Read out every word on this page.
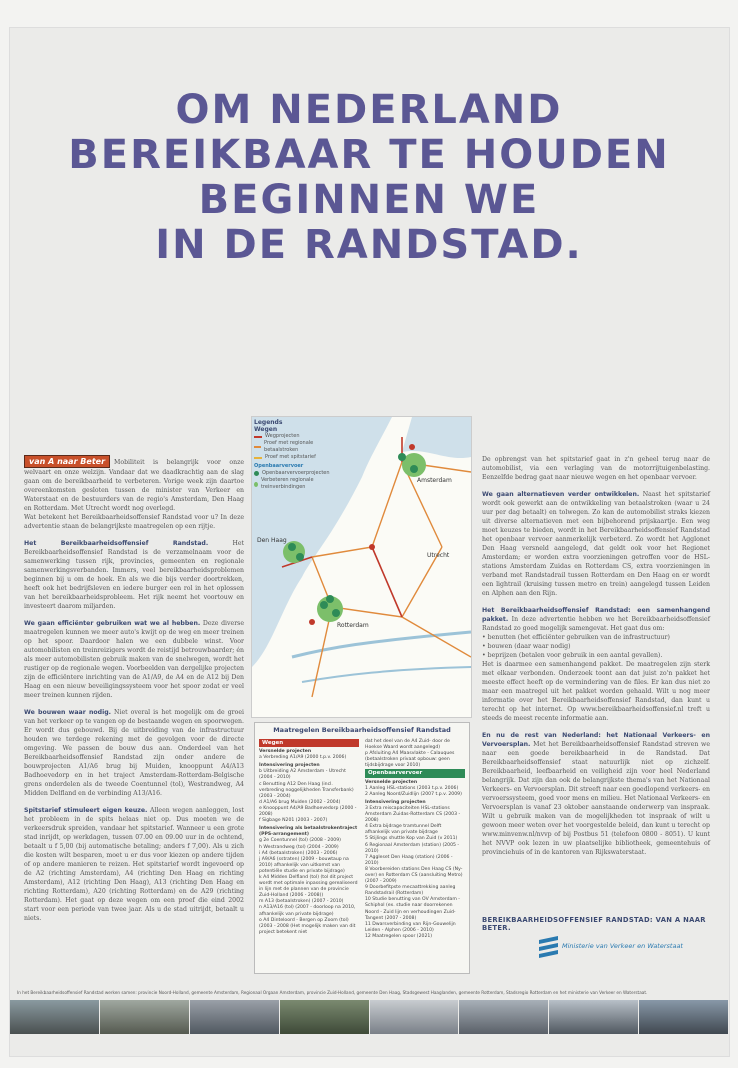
OM NEDERLAND
BEREIKBAAR TE HOUDEN
BEGINNEN WE
IN DE RANDSTAD.

van A naar Beter Mobiliteit is belangrijk voor onze welvaart en onze welzijn. Vandaar dat we daadkrachtig aan de slag gaan om de bereikbaarheid te verbeteren. Vorige week zijn daartoe overeenkomsten gesloten tussen de minister van Verkeer en Waterstaat en de bestuurders van de regio's Amsterdam, Den Haag en Rotterdam. Met Utrecht wordt nog overlegd.

Wat betekent het Bereikbaarheidsoffensief Randstad voor u? In deze advertentie staan de belangrijkste maatregelen op een rijtje.

Het Bereikbaarheidsoffensief Randstad.	Het Bereikbaarheidsoffensief Randstad is de verzamelnaam voor de samenwerking tussen rijk, provincies, gemeenten en regionale samenwerkingsverbanden. Immers, veel bereikbaarheidsproblemen beginnen bij u om de hoek. En als we die bijs verder doortrekken, heeft ook het bedrijfsleven en iedere burger een rol in het oplossen van het bereikbaarheidsprobleem. Het rijk neemt het voortouw en investeert daarom miljarden.

We gaan efficiënter gebruiken wat we al hebben. Deze diverse maatregelen kunnen we meer auto's kwijt op de weg en meer treinen op het spoor. Daardoor halen we een dubbele winst. Voor automobilisten en treinreizigers wordt de reistijd betrouwbaarder; én als meer automobilisten gebruik maken van de snelwegen, wordt het rustiger op de regionale wegen. Voorbeelden van dergelijke projecten zijn de efficiëntere inrichting van de A1/A9, de A4 en de A12 bij Den Haag en een nieuw beveiligingssysteem voor het spoor zodat er veel meer treinen kunnen rijden.

We bouwen waar nodig. Niet overal is het mogelijk om de groei van het verkeer op te vangen op de bestaande wegen en spoorwegen. Er wordt dus gebouwd. Bij de uitbreiding van de infrastructuur houden we terdege rekening met de gevolgen voor de directe omgeving. We passen de bouw dus aan. Onderdeel van het Bereikbaarheidsoffensief Randstad zijn onder andere de bouwprojecten A1/A6 brug bij Muiden, knooppunt A4/A13 Badhoevedorp en in het traject Amsterdam-Rotterdam-Belgische grens onderdelen als de tweede Coentunnel (tol), Westrandweg, A4 Midden Delfland en de verbinding A13/A16.

Spitstarief stimuleert eigen keuze. Alleen wegen aanleggen, lost het probleem in de spits helaas niet op. Dus moeten we de verkeersdruk spreiden, vandaar het spitstarief. Wanneer u een grote stad inrijdt, op werkdagen, tussen 07.00 en 09.00 uur in de ochtend, betaalt u f 5,00 (bij automatische betaling; anders f 7,00). Als u zich die kosten wilt besparen, moet u er dus voor kiezen op andere tijden of op andere manieren te reizen. Het spitstarief wordt ingevoerd op de A2 (richting Amsterdam), A4 (richting Den Haag en richting Amsterdam), A12 (richting Den Haag), A13 (richting Den Haag en richting Rotterdam), A20 (richting Rotterdam) en de A29 (richting Rotterdam). Het gaat op deze wegen om een proef die eind 2002 start voor een periode van twee jaar. Als u de stad uitrijdt, betaalt u niets.

Amsterdam
Den Haag
Rotterdam
Utrecht
Legends
Wegen
Wegprojecten
Proef met regionale betaalstroken
Proef met spitstarief
Openbaarvervoer
Openbaarvervoerprojecten
Verbeteren regionale treinverbindingen
Maatregelen Bereikbaarheidsoffensief Randstad
Wegen
Versnelde projecten
a Verbreding A1/A9 (2000 t.p.v. 2006)
Intensivering projecten
b Uitbreiding A2 Amsterdam - Utrecht (2004 - 2010)
c Benutting A12 Den Haag (incl. verbreding noggelijkheden Transferbank) (2003 - 2004)
d A1/A6 brug Muiden (2002 - 2004)
e Knooppunt A4/A9 Badhoevedorp (2000 - 2008)
f Sigbage N201 (2003 - 2007)
Intensivering als betaalstrokentraject (PPS-arrangement)
g 2e Coentunnel (tol) (2008 - 2009)
h Westrandweg (tol) (2004 - 2009)
i A4 (betaalstroken) (2003 - 2006)
j A9/A6 (sstraten) (2009 - bouwtaup na 2010) afhankelijk van uitkomst van potentiële studie en private bijdrage)
k A4 Midden Delfland (tol) (tol dit project wordt met optimale inpassing gerealiseerd in lijn met de plannen van de provincie Zuid-Holland (2006 - 2008))
m A13 (betaalstroken) (2007 - 2010)
n A13/A16 (tol) (2007 - doorloop na 2010, afhankelijk van private bijdrage)
o A4 Dinteloord - Bergen op Zoom (tol) (2003 - 2008 (Het mogelijk maken van dit project betekent niet
dat het deel van de A4 Zuid- door de Hoekse Waard wordt aangelegd)
p Afsluiting A4 Maasvlakte - Calauques (betaalstroken privaat opbouw: geen tijdsbijdrage voor 2010)
Openbaarvervoer
Versnelde projecten
1 Aanleg HSL-stations (2003 t.p.v. 2006)
2 Aanleg Noord/Zuidlijn (2007 t.p.v. 2009)
Intensivering projecten
3 Extra reiscapaciteiten HSL-stations Amsterdam Zuidas-Rotterdam CS (2003 - 2008)
4 Extra bijdrage tramtunnel Delft afhankelijk van private bijdrage
5 Stijlings shuttle Kop van Zuid (v 2011)
6 Regionaal Amsterdam (station) (2005 - 2010)
7 Aggleset Den Haag (station) (2006 - 2010)
8 Voorbereiden stations Den Haag CS (Ny-over) en Rotterdam CS (aansluiting Metro) (2007 - 2009)
9 Doorbefitpste mecaattrekking aanleg Randstadrail (Rotterdam)
10 Studie benutting van OV Amsterdam - Schiphol (ex. studie naar doorrekenen Noord - Zuid lijn en verhoudingen Zuid-Tangent (2007 - 2008)
11 Dwarsverbinding van Rijn-Gouwelijn Leiden - Alphen (2006 - 2010)
12 Maatregelen spoor (2021)

De opbrengst van het spitstarief gaat in z'n geheel terug naar de automobilist, via een verlaging van de motorrijtuigenbelasting. Eenzelfde bedrag gaat naar nieuwe wegen en het openbaar vervoer.

We gaan alternatieven verder ontwikkelen. Naast het spitstarief wordt ook gewerkt aan de ontwikkeling van betaalstroken (waar u 24 uur per dag betaalt) en tolwegen. Zo kan de automobilist straks kiezen uit diverse alternatieven met een bijbehorend prijskaartje. Een weg moet keuzes te bieden, wordt in het Bereikbaarheidsoffensief Randstad het openbaar vervoer aanmerkelijk verbeterd. Zo wordt het Agglonet Den Haag versneld aangelegd, dat geldt ook voor het Regionet Amsterdam; er worden extra voorzieningen getroffen voor de HSL-stations Amsterdam Zuidas en Rotterdam CS, extra voorzieningen in verband met Randstadrail tussen Rotterdam en Den Haag en er wordt een lightrail (kruising tussen metro en trein) aangelegd tussen Leiden en Alphen aan den Rijn.

Het Bereikbaarheidsoffensief Randstad: een samenhangend pakket. In deze advertentie hebben we het Bereikbaarheidsoffensief Randstad zo goed mogelijk samengevat. Het gaat dus om:

• benutten (het efficiënter gebruiken van de infrastructuur)

• bouwen (daar waar nodig)

• beprijzen (betalen voor gebruik in een aantal gevallen).

Het is daarmee een samenhangend pakket. De maatregelen zijn sterk met elkaar verbonden. Onderzoek toont aan dat juist zo'n pakket het meeste effect heeft op de vermindering van de files. Er kan dus niet zo maar een maatregel uit het pakket worden gehaald. Wilt u nog meer informatie over het Bereikbaarheidsoffensief Randstad, dan kunt u terecht op het internet. Op www.bereikbaarheidsoffensief.nl treft u steeds de meest recente informatie aan.

En nu de rest van Nederland: het Nationaal Verkeers- en Vervoersplan. Met het Bereikbaarheidsoffensief Randstad streven we naar een goede bereikbaarheid in de Randstad. Dat Bereikbaarheidsoffensief staat natuurlijk niet op zichzelf. Bereikbaarheid, leefbaarheid en veiligheid zijn voor heel Nederland belangrijk. Dat zijn dan ook de belangrijkste thema's van het Nationaal Verkeers- en Vervoersplan. Dit streeft naar een goedlopend verkeers- en vervoerssysteem, goed voor mens en milieu. Het Nationaal Verkeers- en Vervoersplan is vanaf 23 oktober aanstaande onderwerp van inspraak. Wilt u gebruik maken van de mogelijkheden tot inspraak of wilt u gewoon meer weten over het voorgestelde beleid, dan kunt u terecht op www.minvenw.nl/nvvp of bij Postbus 51 (telefoon 0800 - 8051). U kunt het NVVP ook lezen in uw plaatselijke bibliotheek, gemeentehuis of provinciehuis of in de kantoren van Rijkswaterstaat.

BEREIKBAARHEIDSOFFENSIEF RANDSTAD: VAN A NAAR BETER.
Ministerie van Verkeer en Waterstaat
In het Bereikbaarheidsoffensief Randstad werken samen: provincie Noord-Holland, gemeente Amsterdam, Regionaal Orgaan Amsterdam, provincie Zuid-Holland, gemeente Den Haag, Stadsgewest Haaglanden, gemeente Rotterdam, Stadsregio Rotterdam en het ministerie van Verkeer en Waterstaat.
